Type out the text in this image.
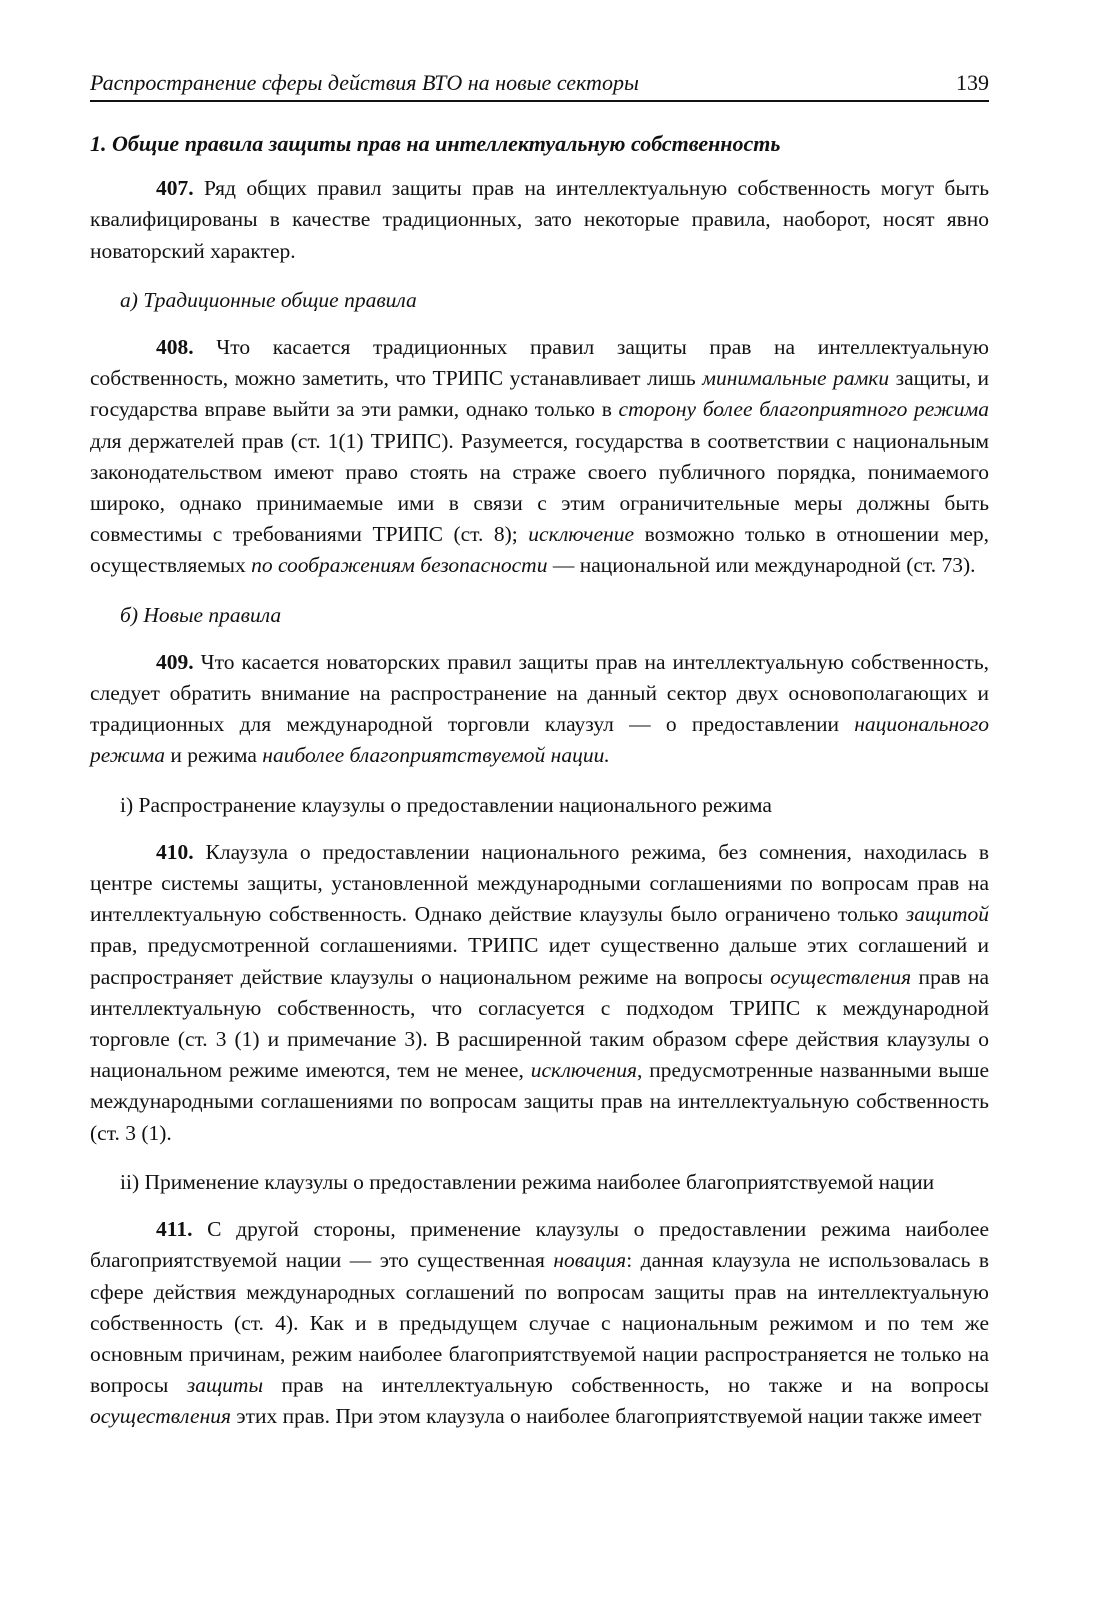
Распространение сферы действия ВТО на новые секторы	139
1. Общие правила защиты прав на интеллектуальную собственность

407. Ряд общих правил защиты прав на интеллектуальную собственность могут быть квалифицированы в качестве традиционных, зато некоторые правила, наоборот, носят явно новаторский характер.

а) Традиционные общие правила

408. Что касается традиционных правил защиты прав на интеллектуальную собственность, можно заметить, что ТРИПС устанавливает лишь минимальные рамки защиты, и государства вправе выйти за эти рамки, однако только в сторону более благоприятного режима для держателей прав (ст. 1(1) ТРИПС). Разумеется, государства в соответствии с национальным законодательством имеют право стоять на страже своего публичного порядка, понимаемого широко, однако принимаемые ими в связи с этим ограничительные меры должны быть совместимы с требованиями ТРИПС (ст. 8); исключение возможно только в отношении мер, осуществляемых по соображениям безопасности — национальной или международной (ст. 73).

б) Новые правила

409. Что касается новаторских правил защиты прав на интеллектуальную собственность, следует обратить внимание на распространение на данный сектор двух основополагающих и традиционных для международной торговли клаузул — о предоставлении национального режима и режима наиболее благоприятствуемой нации.

i) Распространение клаузулы о предоставлении национального режима

410. Клаузула о предоставлении национального режима, без сомнения, находилась в центре системы защиты, установленной международными соглашениями по вопросам прав на интеллектуальную собственность. Однако действие клаузулы было ограничено только защитой прав, предусмотренной соглашениями. ТРИПС идет существенно дальше этих соглашений и распространяет действие клаузулы о национальном режиме на вопросы осуществления прав на интеллектуальную собственность, что согласуется с подходом ТРИПС к международной торговле (ст. 3 (1) и примечание 3). В расширенной таким образом сфере действия клаузулы о национальном режиме имеются, тем не менее, исключения, предусмотренные названными выше международными соглашениями по вопросам защиты прав на интеллектуальную собственность (ст. 3 (1).

ii) Применение клаузулы о предоставлении режима наиболее благоприятствуемой нации

411. С другой стороны, применение клаузулы о предоставлении режима наиболее благоприятствуемой нации — это существенная новация: данная клаузула не использовалась в сфере действия международных соглашений по вопросам защиты прав на интеллектуальную собственность (ст. 4). Как и в предыдущем случае с национальным режимом и по тем же основным причинам, режим наиболее благоприятствуемой нации распространяется не только на вопросы защиты прав на интеллектуальную собственность, но также и на вопросы осуществления этих прав. При этом клаузула о наиболее благоприятствуемой нации также имеет
